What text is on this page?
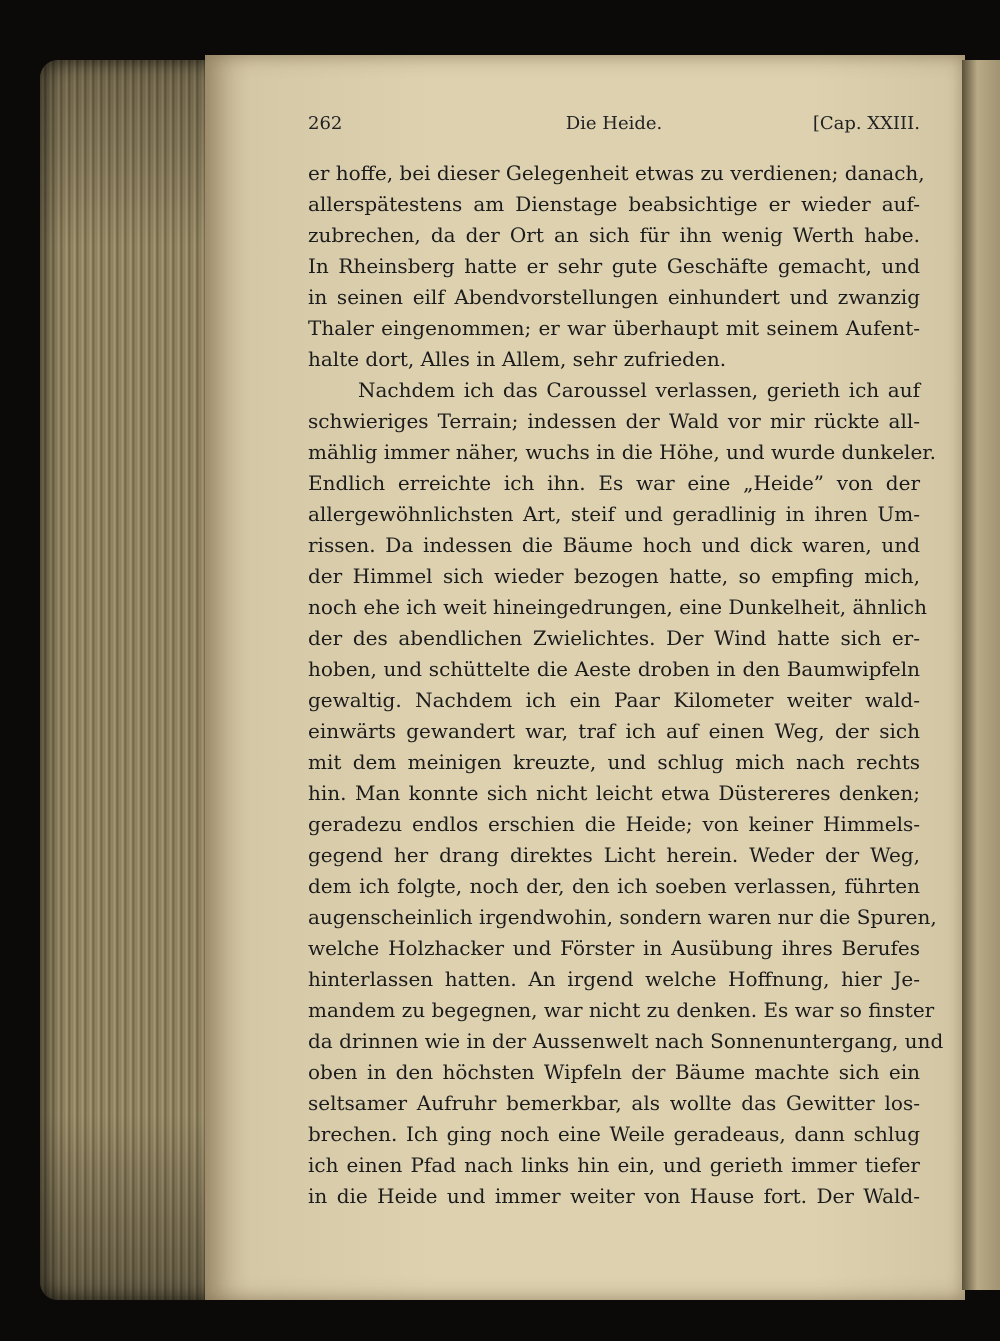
262	Die Heide.	[Cap. XXIII.
er hoffe, bei dieser Gelegenheit etwas zu verdienen; danach,
allerspätestens am Dienstage beabsichtige er wieder auf-
zubrechen, da der Ort an sich für ihn wenig Werth habe.
In Rheinsberg hatte er sehr gute Geschäfte gemacht, und
in seinen eilf Abendvorstellungen einhundert und zwanzig
Thaler eingenommen; er war überhaupt mit seinem Aufent-
halte dort, Alles in Allem, sehr zufrieden.
Nachdem ich das Caroussel verlassen, gerieth ich auf
schwieriges Terrain; indessen der Wald vor mir rückte all-
mählig immer näher, wuchs in die Höhe, und wurde dunkeler.
Endlich erreichte ich ihn. Es war eine „Heide” von der
allergewöhnlichsten Art, steif und geradlinig in ihren Um-
rissen. Da indessen die Bäume hoch und dick waren, und
der Himmel sich wieder bezogen hatte, so empfing mich,
noch ehe ich weit hineingedrungen, eine Dunkelheit, ähnlich
der des abendlichen Zwielichtes. Der Wind hatte sich er-
hoben, und schüttelte die Aeste droben in den Baumwipfeln
gewaltig. Nachdem ich ein Paar Kilometer weiter wald-
einwärts gewandert war, traf ich auf einen Weg, der sich
mit dem meinigen kreuzte, und schlug mich nach rechts
hin. Man konnte sich nicht leicht etwa Düstereres denken;
geradezu endlos erschien die Heide; von keiner Himmels-
gegend her drang direktes Licht herein. Weder der Weg,
dem ich folgte, noch der, den ich soeben verlassen, führten
augenscheinlich irgendwohin, sondern waren nur die Spuren,
welche Holzhacker und Förster in Ausübung ihres Berufes
hinterlassen hatten. An irgend welche Hoffnung, hier Je-
mandem zu begegnen, war nicht zu denken. Es war so finster
da drinnen wie in der Aussenwelt nach Sonnenuntergang, und
oben in den höchsten Wipfeln der Bäume machte sich ein
seltsamer Aufruhr bemerkbar, als wollte das Gewitter los-
brechen. Ich ging noch eine Weile geradeaus, dann schlug
ich einen Pfad nach links hin ein, und gerieth immer tiefer
in die Heide und immer weiter von Hause fort. Der Wald-
